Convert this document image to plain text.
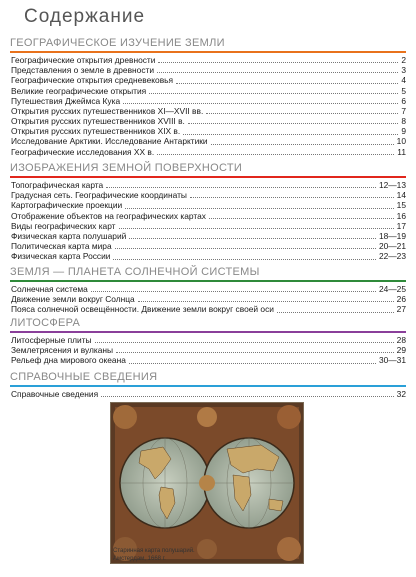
Содержание
ГЕОГРАФИЧЕСКОЕ ИЗУЧЕНИЕ ЗЕМЛИ
Географические открытия древности	2
Представления о земле в древности	3
Географические открытия средневековья	4
Великие географические открытия	5
Путешествия Джеймса Кука	6
Открытия русских путешественников XI—XVII вв.	7
Открытия русских путешественников XVIII в.	8
Открытия русских путешественников XIX в.	9
Исследование Арктики. Исследование Антарктики	10
Географические исследования XX в.	11
ИЗОБРАЖЕНИЯ ЗЕМНОЙ ПОВЕРХНОСТИ
Топографическая карта	12—13
Градусная сеть. Географические координаты	14
Картографические проекции	15
Отображение объектов на географических картах	16
Виды географических карт	17
Физическая карта полушарий	18—19
Политическая карта мира	20—21
Физическая карта России	22—23
ЗЕМЛЯ — ПЛАНЕТА СОЛНЕЧНОЙ СИСТЕМЫ
Солнечная система	24—25
Движение земли вокруг Солнца	26
Пояса солнечной освещённости. Движение земли вокруг своей оси	27
ЛИТОСФЕРА
Литосферные плиты	28
Землетрясения и вулканы	29
Рельеф дна мирового океана	30—31
СПРАВОЧНЫЕ СВЕДЕНИЯ
Справочные сведения	32
Старинная карта полушарий.
Амстердам, 1668 г.
